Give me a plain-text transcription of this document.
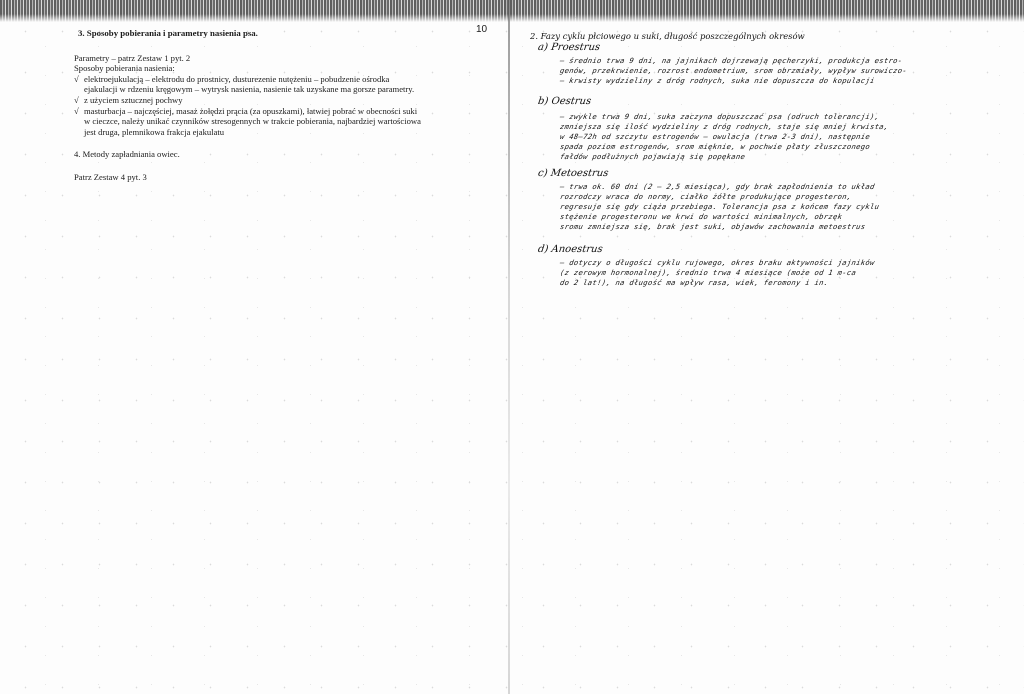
10
3. Sposoby pobierania i parametry nasienia psa.

Parametry – patrz Zestaw 1 pyt. 2

Sposoby pobierania nasienia:

√ elektroejukulacją – elektrodu do prostnicy, dusturezenie nutężeniu – pobudzenie ośrodka
ejakulacji w rdzeniu kręgowym – wytrysk nasienia, nasienie tak uzyskane ma gorsze parametry.
√ z użyciem sztucznej pochwy
√ masturbacja – najczęściej, masaż żołędzi prącia (za opuszkami), łatwiej pobrać w obecności suki
w cieczce, należy unikać czynników stresogennych w trakcie pobierania, najbardziej wartościowa
jest druga, plemnikowa frakcja ejakulatu

4. Metody zapładniania owiec.

Patrz Zestaw 4 pyt. 3

2. Fazy cyklu płciowego u suki, długość poszczególnych okresów
a) Proestrus
– średnio trwa 9 dni, na jajnikach dojrzewają pęcherzyki, produkcja estro-
genów, przekrwienie, rozrost endometrium, srom obrzmiały, wypływ surowiczo-
– krwisty wydzieliny z dróg rodnych, suka nie dopuszcza do kopulacji
b) Oestrus
– zwykle trwa 9 dni, suka zaczyna dopuszczać psa (odruch tolerancji),
zmniejsza się ilość wydzieliny z dróg rodnych, staje się mniej krwista,
w 48–72h od szczytu estrogenów – owulacja (trwa 2-3 dni), następnie
spada poziom estrogenów, srom mięknie, w pochwie płaty złuszczonego
fałdów podłużnych pojawiają się popękane
c) Metoestrus
– trwa ok. 60 dni (2 – 2,5 miesiąca), gdy brak zapłodnienia to układ
rozrodczy wraca do normy, ciałko żółte produkujące progesteron,
regresuje się gdy ciąża przebiega. Tolerancja psa z końcem fazy cyklu
stężenie progesteronu we krwi do wartości minimalnych, obrzęk
sromu zmniejsza się, brak jest suki, objawów zachowania metoestrus
d) Anoestrus
– dotyczy o długości cyklu rujowego, okres braku aktywności jajników
(z zerowym hormonalnej), średnio trwa 4 miesiące (może od 1 m-ca
do 2 lat!), na długość ma wpływ rasa, wiek, feromony i in.
